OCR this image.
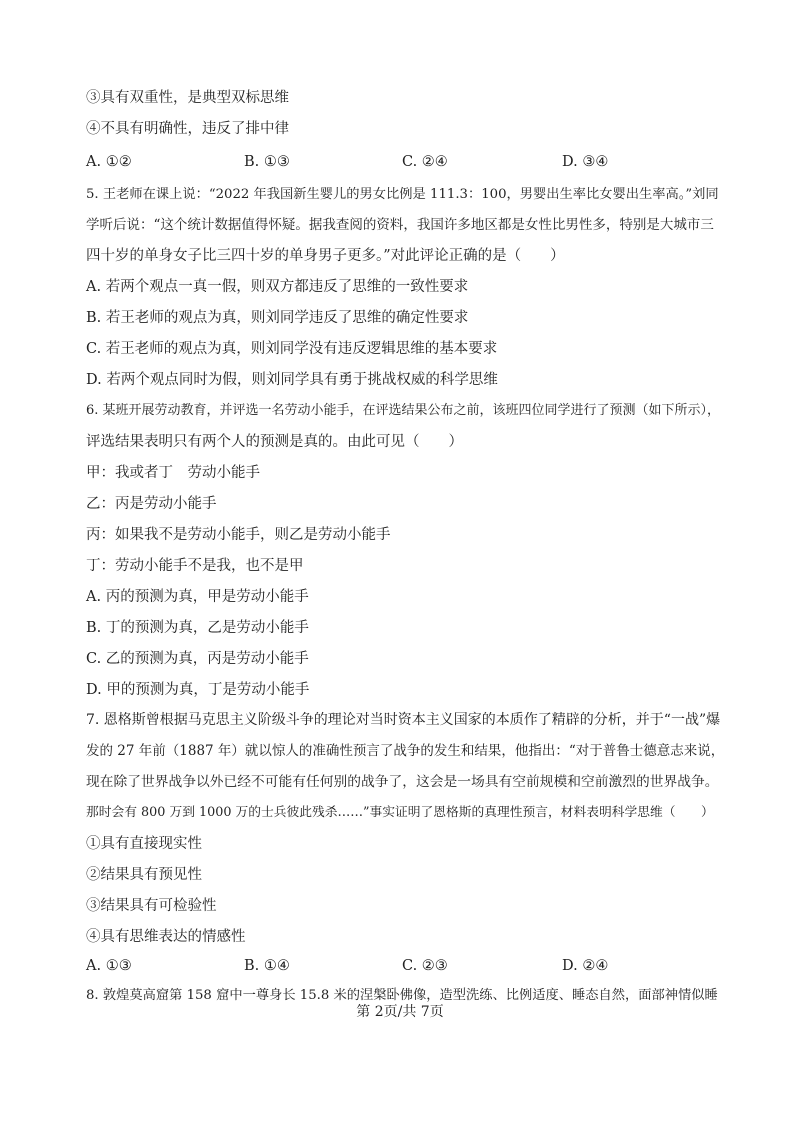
③具有双重性，是典型双标思维
④不具有明确性，违反了排中律
A. ①②	B. ①③	C. ②④	D. ③④
5. 王老师在课上说：“2022 年我国新生婴儿的男女比例是 111.3：100，男婴出生率比女婴出生率高。”刘同
学听后说：“这个统计数据值得怀疑。据我查阅的资料，我国许多地区都是女性比男性多，特别是大城市三
四十岁的单身女子比三四十岁的单身男子更多。”对此评论正确的是（　　）
A. 若两个观点一真一假，则双方都违反了思维的一致性要求
B. 若王老师的观点为真，则刘同学违反了思维的确定性要求
C. 若王老师的观点为真，则刘同学没有违反逻辑思维的基本要求
D. 若两个观点同时为假，则刘同学具有勇于挑战权威的科学思维
6. 某班开展劳动教育，并评选一名劳动小能手，在评选结果公布之前，该班四位同学进行了预测（如下所示），
评选结果表明只有两个人的预测是真的。由此可见（　　）
甲：我或者丁　劳动小能手
乙：丙是劳动小能手
丙：如果我不是劳动小能手，则乙是劳动小能手
丁：劳动小能手不是我，也不是甲
A. 丙的预测为真，甲是劳动小能手
B. 丁的预测为真，乙是劳动小能手
C. 乙的预测为真，丙是劳动小能手
D. 甲的预测为真，丁是劳动小能手
7. 恩格斯曾根据马克思主义阶级斗争的理论对当时资本主义国家的本质作了精辟的分析，并于“一战”爆
发的 27 年前（1887 年）就以惊人的准确性预言了战争的发生和结果，他指出：“对于普鲁士德意志来说，
现在除了世界战争以外已经不可能有任何别的战争了，这会是一场具有空前规模和空前激烈的世界战争。
那时会有 800 万到 1000 万的士兵彼此残杀……”事实证明了恩格斯的真理性预言，材料表明科学思维（　　）
①具有直接现实性
②结果具有预见性
③结果具有可检验性
④具有思维表达的情感性
A. ①③	B. ①④	C. ②③	D. ②④
8. 敦煌莫高窟第 158 窟中一尊身长 15.8 米的涅槃卧佛像，造型洗练、比例适度、睡态自然，面部神情似睡
第 2页/共 7页
